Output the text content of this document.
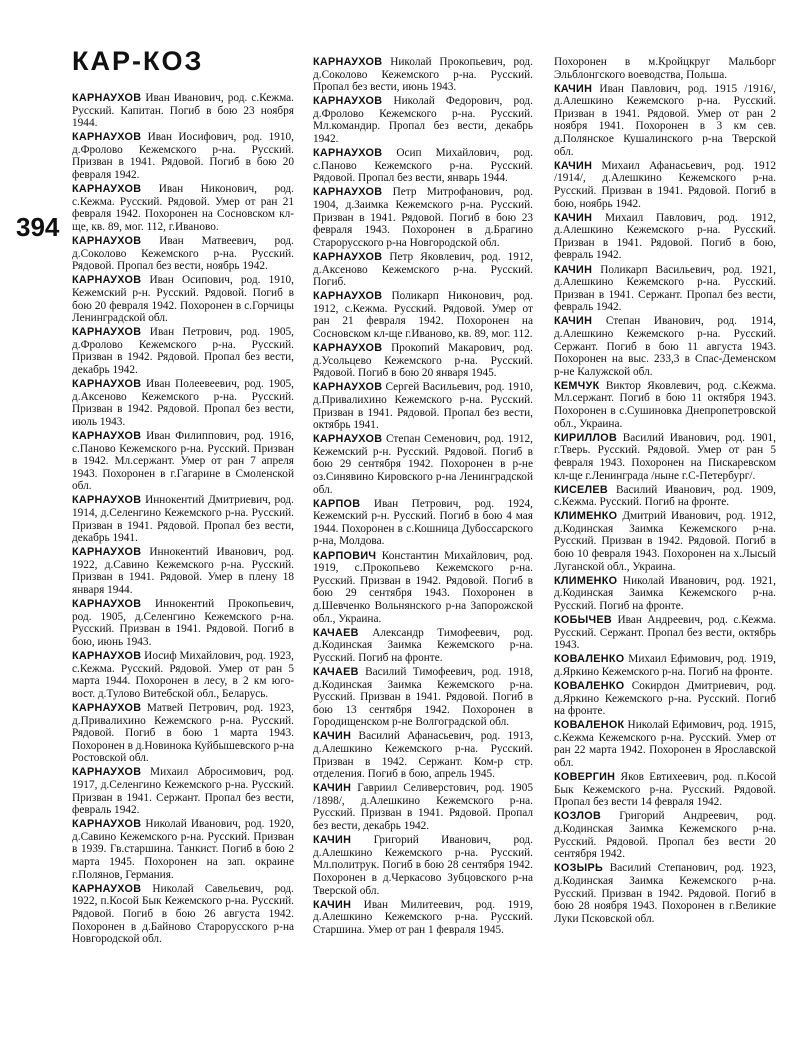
КАР-КОЗ
394
КАРНАУХОВ Иван Иванович, род. с.Кежма. Русский. Капитан. Погиб в бою 23 ноября 1944.
КАРНАУХОВ Иван Иосифович, род. 1910, д.Фролово Кежемского р-на. Русский. Призван в 1941. Рядовой. Погиб в бою 20 февраля 1942.
КАРНАУХОВ Иван Никонович, род. с.Кежма. Русский. Рядовой. Умер от ран 21 февраля 1942. Похоронен на Сосновском кл-ще, кв. 89, мог. 112, г.Иваново.
КАРНАУХОВ Иван Матвеевич, род. д.Соколово Кежемского р-на. Русский. Рядовой. Пропал без вести, ноябрь 1942.
КАРНАУХОВ Иван Осипович, род. 1910, Кежемский р-н. Русский. Рядовой. Погиб в бою 20 февраля 1942. Похоронен в с.Горчицы Ленинградской обл.
КАРНАУХОВ Иван Петрович, род. 1905, д.Фролово Кежемского р-на. Русский. Призван в 1942. Рядовой. Пропал без вести, декабрь 1942.
КАРНАУХОВ Иван Полеевеевич, род. 1905, д.Аксеново Кежемского р-на. Русский. Призван в 1942. Рядовой. Пропал без вести, июль 1943.
КАРНАУХОВ Иван Филиппович, род. 1916, с.Паново Кежемского р-на. Русский. Призван в 1942. Мл.сержант. Умер от ран 7 апреля 1943. Похоронен в г.Гагарине в Смоленской обл.
КАРНАУХОВ Иннокентий Дмитриевич, род. 1914, д.Селенгино Кежемского р-на. Русский. Призван в 1941. Рядовой. Пропал без вести, декабрь 1941.
КАРНАУХОВ Иннокентий Иванович, род. 1922, д.Савино Кежемского р-на. Русский. Призван в 1941. Рядовой. Умер в плену 18 января 1944.
КАРНАУХОВ Иннокентий Прокопьевич, род. 1905, д.Селенгино Кежемского р-на. Русский. Призван в 1941. Рядовой. Погиб в бою, июнь 1943.
КАРНАУХОВ Иосиф Михайлович, род. 1923, с.Кежма. Русский. Рядовой. Умер от ран 5 марта 1944. Похоронен в лесу, в 2 км юго-вост. д.Тулово Витебской обл., Беларусь.
КАРНАУХОВ Матвей Петрович, род. 1923, д.Привалихино Кежемского р-на. Русский. Рядовой. Погиб в бою 1 марта 1943. Похоронен в д.Новинока Куйбышевского р-на Ростовской обл.
КАРНАУХОВ Михаил Абросимович, род. 1917, д.Селенгино Кежемского р-на. Русский. Призван в 1941. Сержант. Пропал без вести, февраль 1942.
КАРНАУХОВ Николай Иванович, род. 1920, д.Савино Кежемского р-на. Русский. Призван в 1939. Гв.старшина. Танкист. Погиб в бою 2 марта 1945. Похоронен на зап. окраине г.Полянов, Германия.
КАРНАУХОВ Николай Савельевич, род. 1922, п.Косой Бык Кежемского р-на. Русский. Рядовой. Погиб в бою 26 августа 1942. Похоронен в д.Байново Старорусского р-на Новгородской обл.
КАРНАУХОВ Николай Прокопьевич, род. д.Соколово Кежемского р-на. Русский. Пропал без вести, июнь 1943.
КАРНАУХОВ Николай Федорович, род. д.Фролово Кежемского р-на. Русский. Мл.командир. Пропал без вести, декабрь 1942.
КАРНАУХОВ Осип Михайлович, род. с.Паново Кежемского р-на. Русский. Рядовой. Пропал без вести, январь 1944.
КАРНАУХОВ Петр Митрофанович, род. 1904, д.Заимка Кежемского р-на. Русский. Призван в 1941. Рядовой. Погиб в бою 23 февраля 1943. Похоронен в д.Брагино Старорусского р-на Новгородской обл.
КАРНАУХОВ Петр Яковлевич, род. 1912, д.Аксеново Кежемского р-на. Русский. Погиб.
КАРНАУХОВ Поликарп Никонович, род. 1912, с.Кежма. Русский. Рядовой. Умер от ран 21 февраля 1942. Похоронен на Сосновском кл-ще г.Иваново, кв. 89, мог. 112.
КАРНАУХОВ Прокопий Макарович, род. д.Усольцево Кежемского р-на. Русский. Рядовой. Погиб в бою 20 января 1945.
КАРНАУХОВ Сергей Васильевич, род. 1910, д.Привалихино Кежемского р-на. Русский. Призван в 1941. Рядовой. Пропал без вести, октябрь 1941.
КАРНАУХОВ Степан Семенович, род. 1912, Кежемский р-н. Русский. Рядовой. Погиб в бою 29 сентября 1942. Похоронен в р-не оз.Синявино Кировского р-на Ленинградской обл.
КАРПОВ Иван Петрович, род. 1924, Кежемский р-н. Русский. Погиб в бою 4 мая 1944. Похоронен в с.Кошница Дубоссарского р-на, Молдова.
КАРПОВИЧ Константин Михайлович, род. 1919, с.Прокопьево Кежемского р-на. Русский. Призван в 1942. Рядовой. Погиб в бою 29 сентября 1943. Похоронен в д.Шевченко Вольнянского р-на Запорожской обл., Украина.
КАЧАЕВ Александр Тимофеевич, род. д.Кодинская Заимка Кежемского р-на. Русский. Погиб на фронте.
КАЧАЕВ Василий Тимофеевич, род. 1918, д.Кодинская Заимка Кежемского р-на. Русский. Призван в 1941. Рядовой. Погиб в бою 13 сентября 1942. Похоронен в Городищенском р-не Волгоградской обл.
КАЧИН Василий Афанасьевич, род. 1913, д.Алешкино Кежемского р-на. Русский. Призван в 1942. Сержант. Ком-р стр. отделения. Погиб в бою, апрель 1945.
КАЧИН Гавриил Селиверстович, род. 1905 /1898/, д.Алешкино Кежемского р-на. Русский. Призван в 1941. Рядовой. Пропал без вести, декабрь 1942.
КАЧИН Григорий Иванович, род. д.Алешкино Кежемского р-на. Русский. Мл.политрук. Погиб в бою 28 сентября 1942. Похоронен в д.Черкасово Зубцовского р-на Тверской обл.
КАЧИН Иван Милитеевич, род. 1919, д.Алешкино Кежемского р-на. Русский. Старшина. Умер от ран 1 февраля 1945.
Похоронен в м.Кройцкруг Мальборг Эльблонгского воеводства, Польша.
КАЧИН Иван Павлович, род. 1915 /1916/, д.Алешкино Кежемского р-на. Русский. Призван в 1941. Рядовой. Умер от ран 2 ноября 1941. Похоронен в 3 км сев. д.Полянское Кушалинского р-на Тверской обл.
КАЧИН Михаил Афанасьевич, род. 1912 /1914/, д.Алешкино Кежемского р-на. Русский. Призван в 1941. Рядовой. Погиб в бою, ноябрь 1942.
КАЧИН Михаил Павлович, род. 1912, д.Алешкино Кежемского р-на. Русский. Призван в 1941. Рядовой. Погиб в бою, февраль 1942.
КАЧИН Поликарп Васильевич, род. 1921, д.Алешкино Кежемского р-на. Русский. Призван в 1941. Сержант. Пропал без вести, февраль 1942.
КАЧИН Степан Иванович, род. 1914, д.Алешкино Кежемского р-на. Русский. Сержант. Погиб в бою 11 августа 1943. Похоронен на выс. 233,3 в Спас-Деменском р-не Калужской обл.
КЕМЧУК Виктор Яковлевич, род. с.Кежма. Мл.сержант. Погиб в бою 11 октября 1943. Похоронен в с.Сушиновка Днепропетровской обл., Украина.
КИРИЛЛОВ Василий Иванович, род. 1901, г.Тверь. Русский. Рядовой. Умер от ран 5 февраля 1943. Похоронен на Пискаревском кл-ще г.Ленинграда /ныне г.С-Петербург/.
КИСЕЛЕВ Василий Иванович, род. 1909, с.Кежма. Русский. Погиб на фронте.
КЛИМЕНКО Дмитрий Иванович, род. 1912, д.Кодинская Заимка Кежемского р-на. Русский. Призван в 1942. Рядовой. Погиб в бою 10 февраля 1943. Похоронен на х.Лысый Луганской обл., Украина.
КЛИМЕНКО Николай Иванович, род. 1921, д.Кодинская Заимка Кежемского р-на. Русский. Погиб на фронте.
КОБЫЧЕВ Иван Андреевич, род. с.Кежма. Русский. Сержант. Пропал без вести, октябрь 1943.
КОВАЛЕНКО Михаил Ефимович, род. 1919, д.Яркино Кежемского р-на. Погиб на фронте.
КОВАЛЕНКО Сокирдон Дмитриевич, род. д.Яркино Кежемского р-на. Русский. Погиб на фронте.
КОВАЛЕНОК Николай Ефимович, род. 1915, с.Кежма Кежемского р-на. Русский. Умер от ран 22 марта 1942. Похоронен в Ярославской обл.
КОВЕРГИН Яков Евтихеевич, род. п.Косой Бык Кежемского р-на. Русский. Рядовой. Пропал без вести 14 февраля 1942.
КОЗЛОВ Григорий Андреевич, род. д.Кодинская Заимка Кежемского р-на. Русский. Рядовой. Пропал без вести 20 сентября 1942.
КОЗЫРЬ Василий Степанович, род. 1923, д.Кодинская Заимка Кежемского р-на. Русский. Призван в 1942. Рядовой. Погиб в бою 28 ноября 1943. Похоронен в г.Великие Луки Псковской обл.
